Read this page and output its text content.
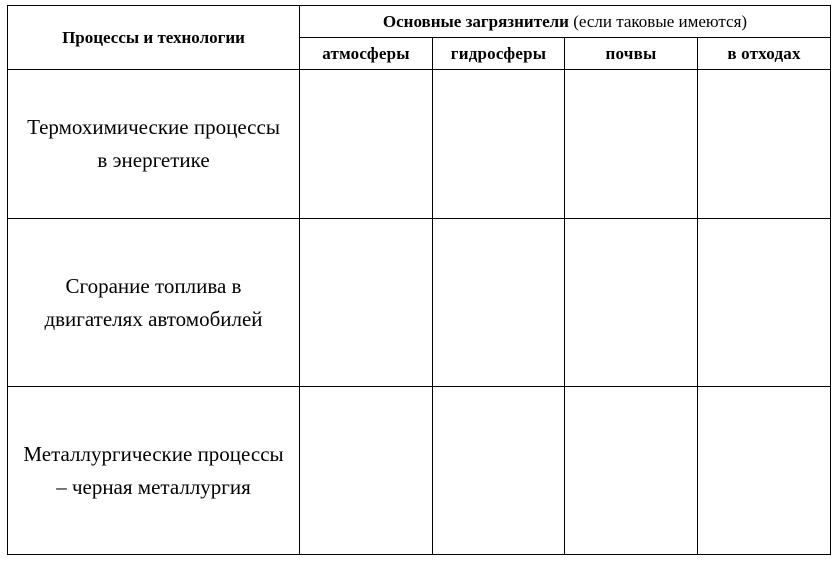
Процессы и технологии	Основные загрязнители (если таковые имеются)			
	атмосферы	гидросферы	почвы	в отходах

Термохимические процессы
в энергетике				

Сгорание топлива в
двигателях автомобилей				

Металлургические процессы
– черная металлургия				
